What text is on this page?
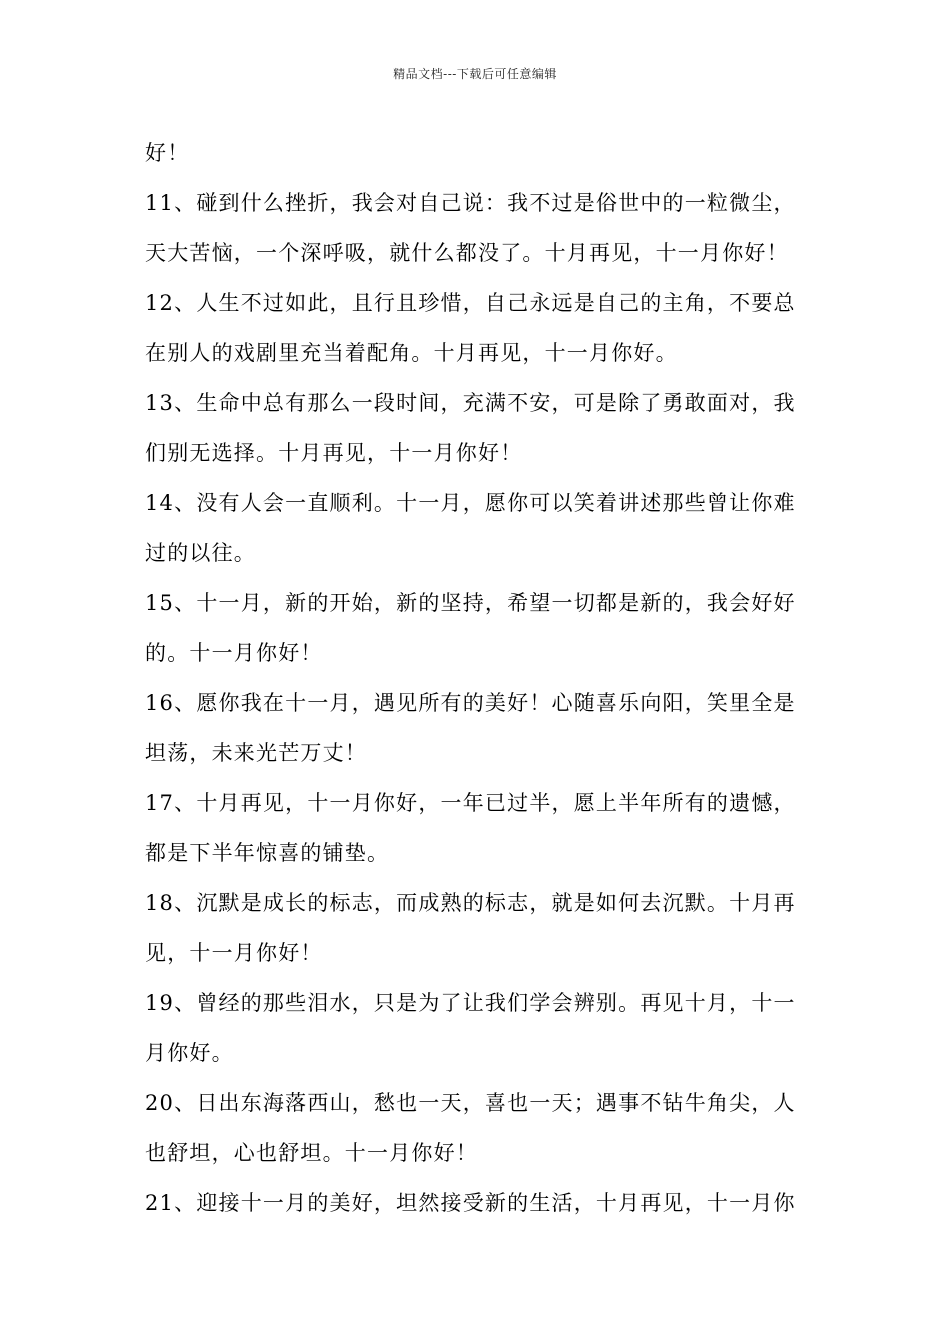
精品文档---下载后可任意编辑
好！
11、碰到什么挫折，我会对自己说：我不过是俗世中的一粒微尘，
天大苦恼，一个深呼吸，就什么都没了。十月再见，十一月你好！
12、人生不过如此，且行且珍惜，自己永远是自己的主角，不要总
在别人的戏剧里充当着配角。十月再见，十一月你好。
13、生命中总有那么一段时间，充满不安，可是除了勇敢面对，我
们别无选择。十月再见，十一月你好！
14、没有人会一直顺利。十一月，愿你可以笑着讲述那些曾让你难
过的以往。
15、十一月，新的开始，新的坚持，希望一切都是新的，我会好好
的。十一月你好！
16、愿你我在十一月，遇见所有的美好！心随喜乐向阳，笑里全是
坦荡，未来光芒万丈！
17、十月再见，十一月你好，一年已过半，愿上半年所有的遗憾，
都是下半年惊喜的铺垫。
18、沉默是成长的标志，而成熟的标志，就是如何去沉默。十月再
见，十一月你好！
19、曾经的那些泪水，只是为了让我们学会辨别。再见十月，十一
月你好。
20、日出东海落西山，愁也一天，喜也一天；遇事不钻牛角尖，人
也舒坦，心也舒坦。十一月你好！
21、迎接十一月的美好，坦然接受新的生活，十月再见，十一月你
